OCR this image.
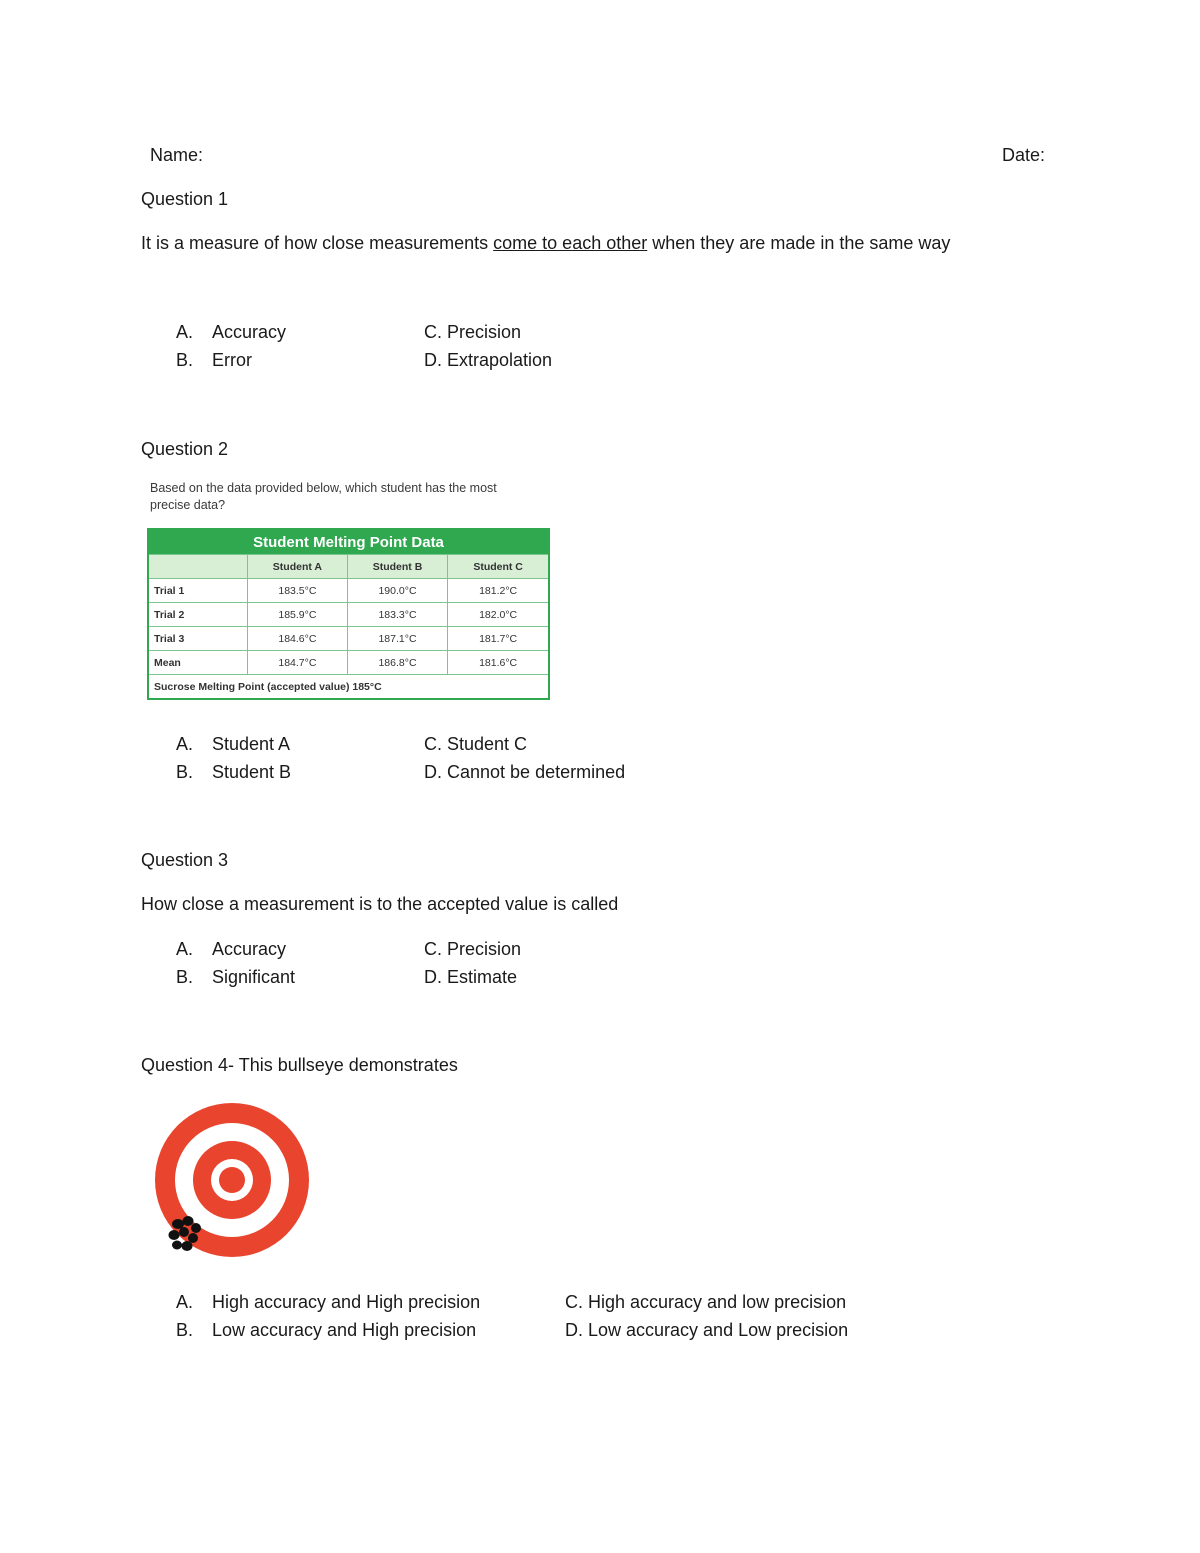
Name:	Date:
Question 1
It is a measure of how close measurements come to each other when they are made in the same way
A. Accuracy
B. Error
C. Precision
D. Extrapolation
Question 2
Based on the data provided below, which student has the most precise data?
Student Melting Point Data			
	Student A	Student B	Student C
Trial 1	183.5°C	190.0°C	181.2°C
Trial 2	185.9°C	183.3°C	182.0°C
Trial 3	184.6°C	187.1°C	181.7°C
Mean	184.7°C	186.8°C	181.6°C
Sucrose Melting Point (accepted value) 185°C			
A. Student A
B. Student B
C. Student C
D. Cannot be determined
Question 3
How close a measurement is to the accepted value is called
A. Accuracy
B. Significant
C. Precision
D. Estimate
Question 4- This bullseye demonstrates
A. High accuracy and High precision
B. Low accuracy and High precision
C. High accuracy and low precision
D. Low accuracy and Low precision
